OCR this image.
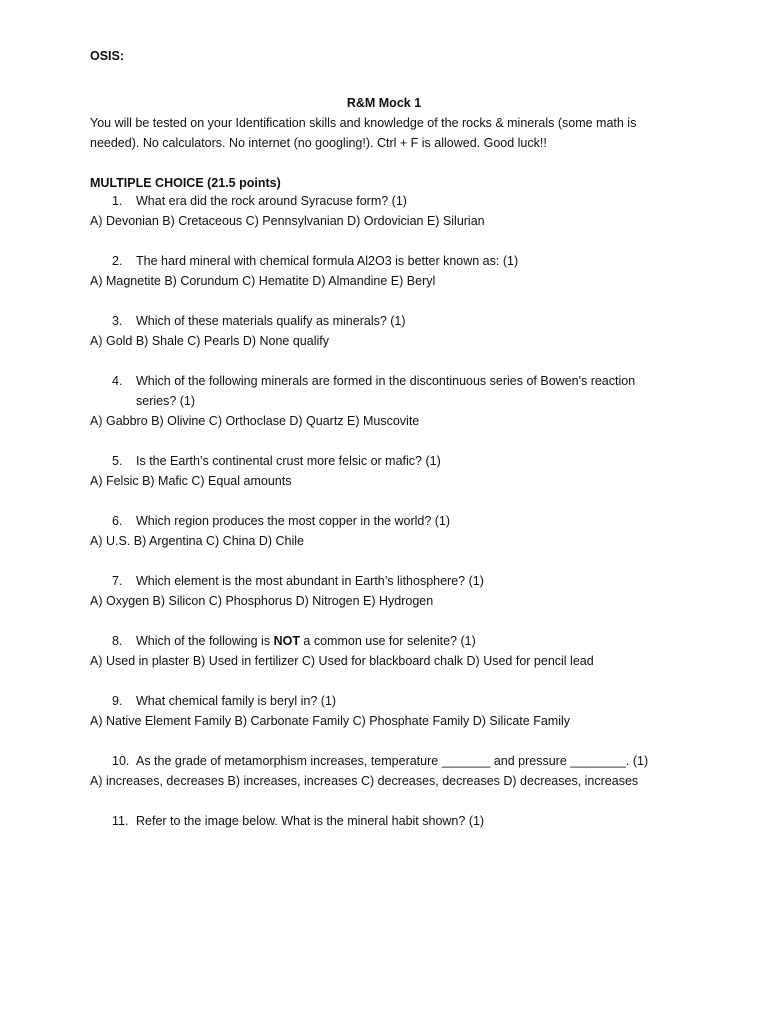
OSIS:
R&M Mock 1
You will be tested on your Identification skills and knowledge of the rocks & minerals (some math is
needed). No calculators. No internet (no googling!). Ctrl + F is allowed. Good luck!!
MULTIPLE CHOICE (21.5 points)
1. What era did the rock around Syracuse form? (1)
A) Devonian B) Cretaceous C) Pennsylvanian D) Ordovician E) Silurian
2. The hard mineral with chemical formula Al2O3 is better known as: (1)
A) Magnetite B) Corundum C) Hematite D) Almandine E) Beryl
3. Which of these materials qualify as minerals? (1)
A) Gold B) Shale C) Pearls D) None qualify
4. Which of the following minerals are formed in the discontinuous series of Bowen's reaction
series? (1)
A) Gabbro B) Olivine C) Orthoclase D) Quartz E) Muscovite
5. Is the Earth’s continental crust more felsic or mafic? (1)
A) Felsic B) Mafic C) Equal amounts
6. Which region produces the most copper in the world? (1)
A) U.S. B) Argentina C) China D) Chile
7. Which element is the most abundant in Earth’s lithosphere? (1)
A) Oxygen B) Silicon C) Phosphorus D) Nitrogen E) Hydrogen
8. Which of the following is NOT a common use for selenite? (1)
A) Used in plaster B) Used in fertilizer C) Used for blackboard chalk D) Used for pencil lead
9. What chemical family is beryl in? (1)
A) Native Element Family B) Carbonate Family C) Phosphate Family D) Silicate Family
10. As the grade of metamorphism increases, temperature _______ and pressure ________. (1)
A) increases, decreases B) increases, increases C) decreases, decreases D) decreases, increases
11. Refer to the image below. What is the mineral habit shown? (1)
